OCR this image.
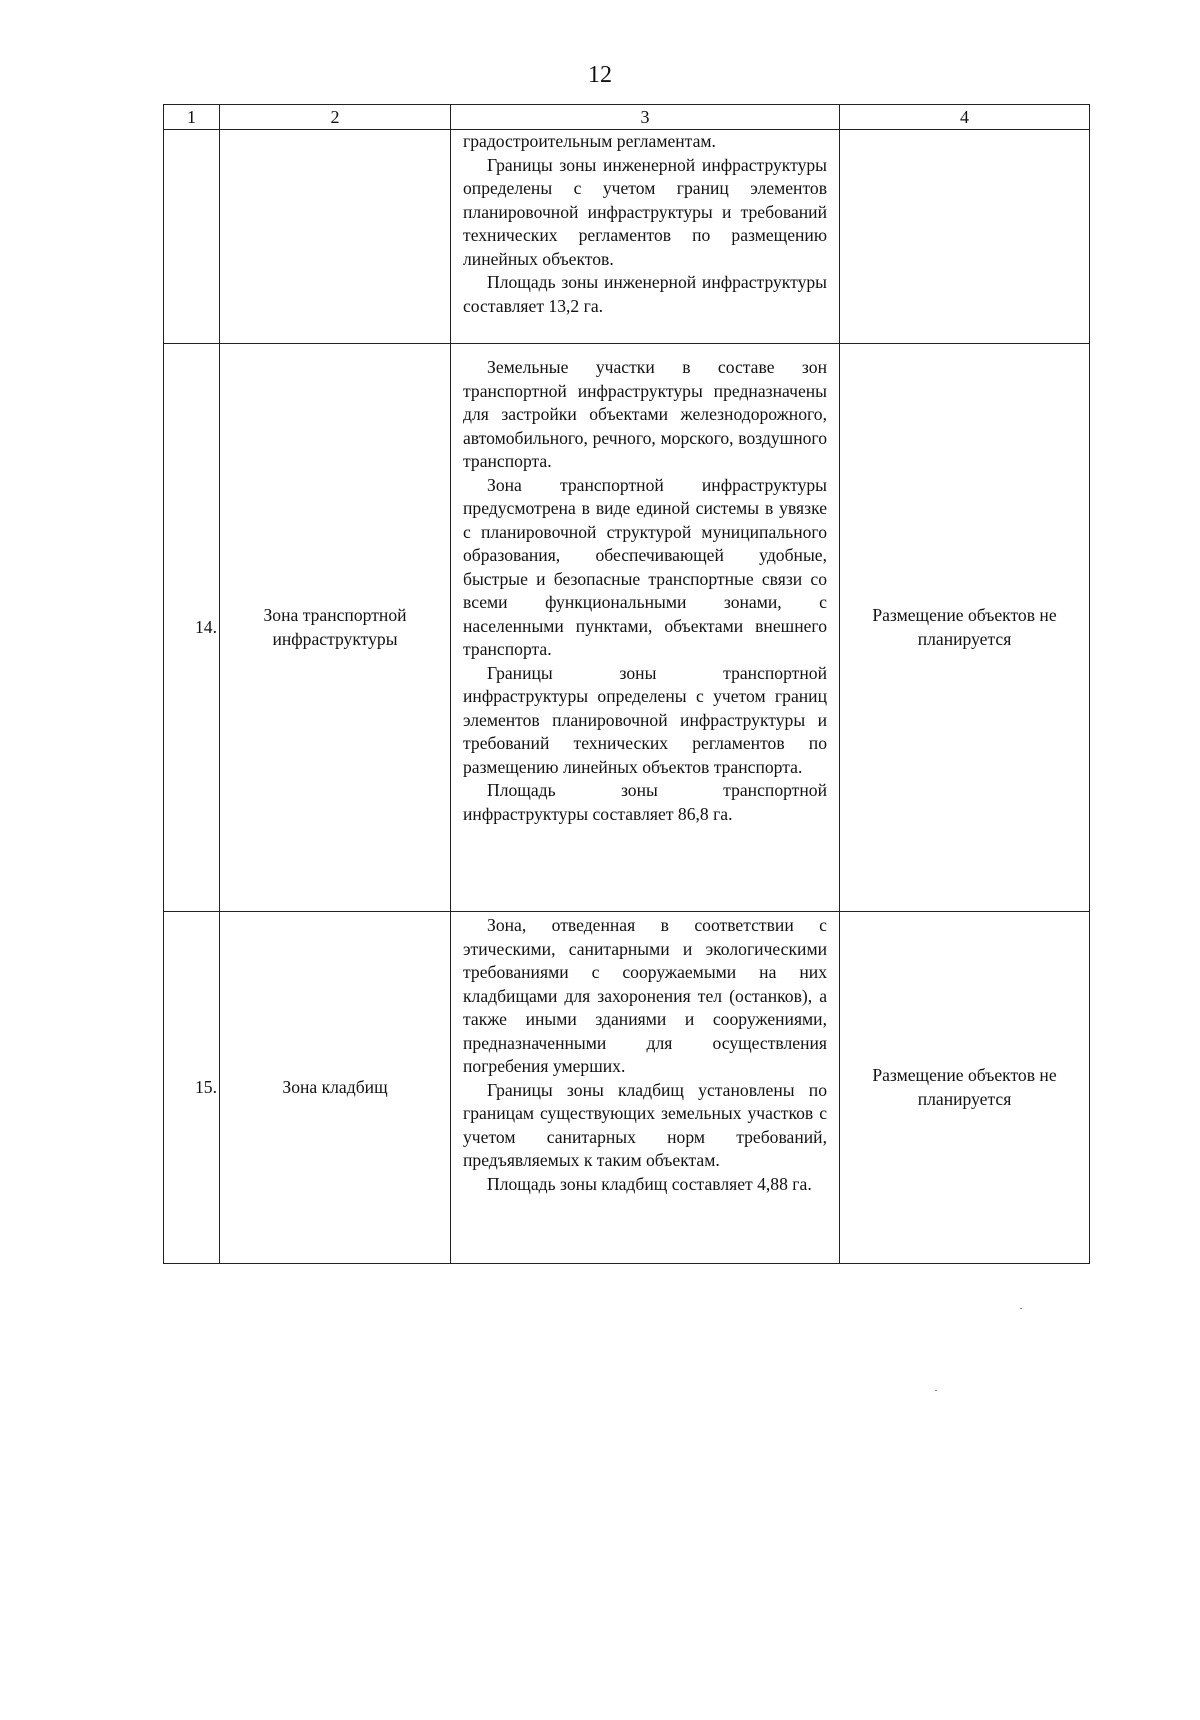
12
1	2	3	4

		градостроительным регламентам.

Границы зоны инженерной инфраструктуры определены с учетом границ элементов планировочной инфраструктуры и требований технических регламентов по размещению линейных объектов.

Площадь зоны инженерной инфраструктуры составляет 13,2 га.	

14.	Зона транспортной инфраструктуры	Земельные участки в составе зон транспортной инфраструктуры предназначены для застройки объектами железнодорожного, автомобильного, речного, морского, воздушного транспорта.

Зона транспортной инфраструктуры предусмотрена в виде единой системы в увязке с планировочной структурой муниципального образования, обеспечивающей удобные, быстрые и безопасные транспортные связи со всеми функциональными зонами, с населенными пунктами, объектами внешнего транспорта.

Границы зоны транспортной инфраструктуры определены с учетом границ элементов планировочной инфраструктуры и требований технических регламентов по размещению линейных объектов транспорта.

Площадь зоны транспортной инфраструктуры составляет 86,8 га.	Размещение объектов не планируется
15.	Зона кладбищ	Зона, отведенная в соответствии с этическими, санитарными и экологическими требованиями с сооружаемыми на них кладбищами для захоронения тел (останков), а также иными зданиями и сооружениями, предназначенными для осуществления погребения умерших.

Границы зоны кладбищ установлены по границам существующих земельных участков с учетом санитарных норм требований, предъявляемых к таким объектам.

Площадь зоны кладбищ составляет 4,88 га.	Размещение объектов не планируется
